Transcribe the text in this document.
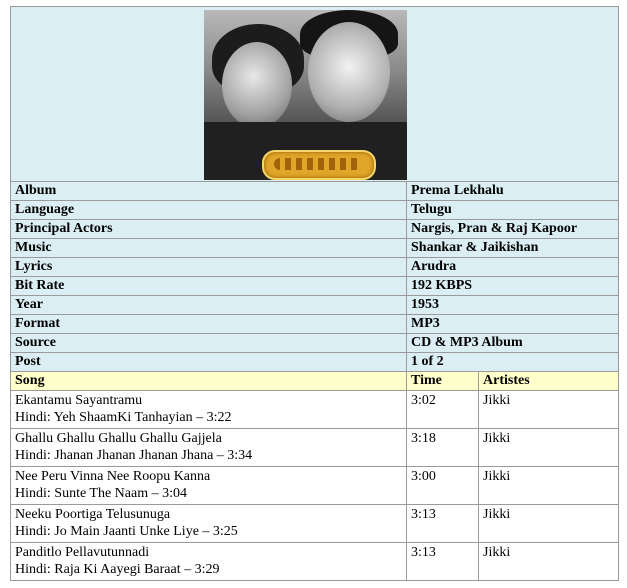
Album	Prema Lekhalu	
Language	Telugu	
Principal Actors	Nargis, Pran & Raj Kapoor	
Music	Shankar & Jaikishan	
Lyrics	Arudra	
Bit Rate	192 KBPS	
Year	1953	
Format	MP3	
Source	CD & MP3 Album	
Post	1 of 2	
Song	Time	Artistes

Ekantamu Sayantramu
Hindi: Yeh ShaamKi Tanhayian – 3:22	3:02	Jikki

Ghallu Ghallu Ghallu Ghallu Gajjela
Hindi: Jhanan Jhanan Jhanan Jhana – 3:34	3:18	Jikki

Nee Peru Vinna Nee Roopu Kanna
Hindi: Sunte The Naam – 3:04	3:00	Jikki

Neeku Poortiga Telusunuga
Hindi: Jo Main Jaanti Unke Liye – 3:25	3:13	Jikki

Panditlo Pellavutunnadi
Hindi: Raja Ki Aayegi Baraat – 3:29	3:13	Jikki
